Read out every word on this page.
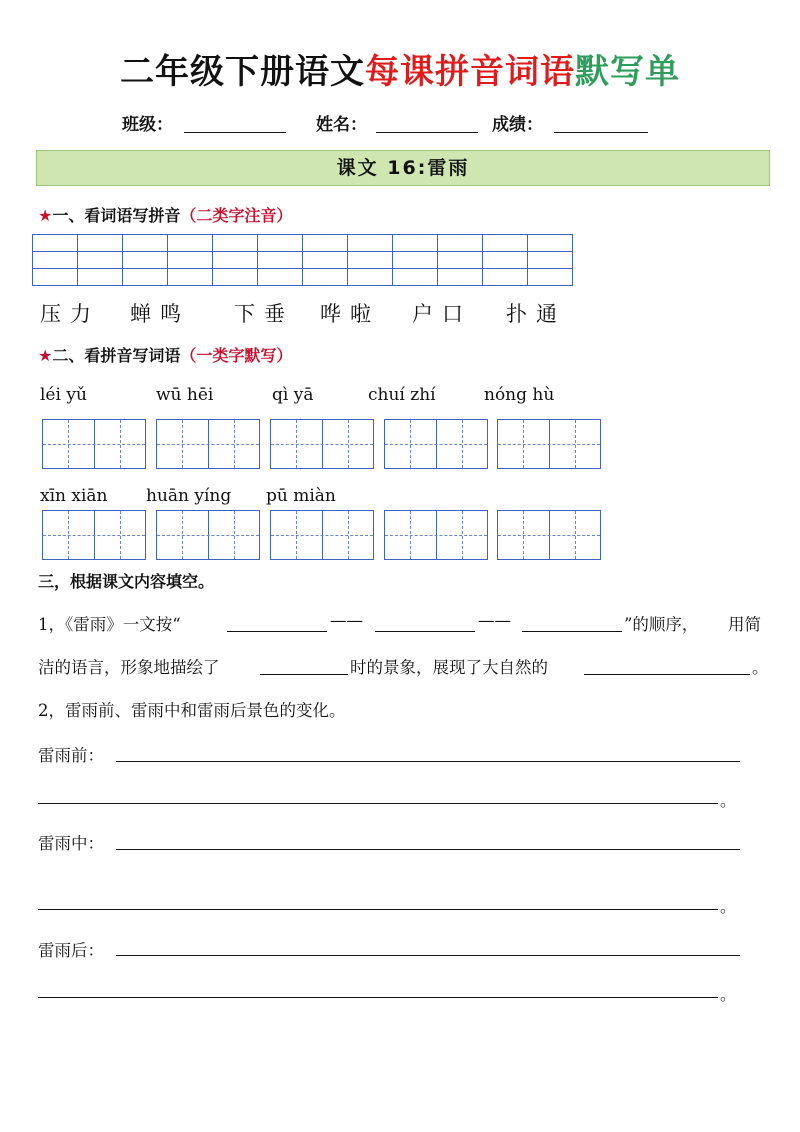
二年级下册语文每课拼音词语默写单
班级：	姓名：	成绩：
课文 16:雷雨
★一、看词语写拼音（二类字注音）

压力 蝉鸣 下垂 哗啦 户口 扑通
★二、看拼音写词语（一类字默写）
léi yǔ	wū hēi	qì yā	chuí zhí	nóng hù
xīn xiān huān yíng pū miàn
三，根据课文内容填空。
1，《雷雨》一文按“	——	——	”的顺序， 用简
洁的语言，形象地描绘了	时的景象，展现了大自然的	。
2，雷雨前、雷雨中和雷雨后景色的变化。
雷雨前：
。
雷雨中：
。
雷雨后：
。
